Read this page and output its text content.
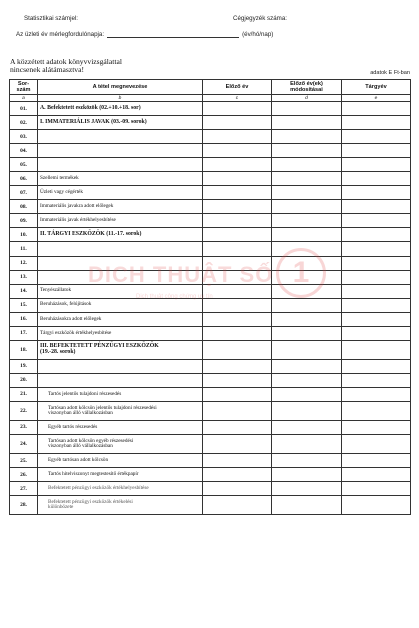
Statisztikai számjel:	Cégjegyzék száma:
Az üzleti év mérlegfordulónapja:	(év/hó/nap)
A közzétett adatok könyvvizsgálattal
nincsenek alátámasztva!	adatok E Ft-ban
Sor-
szám	A tétel megnevezése	Előző év	Előző év(ek)
módosításai	Tárgyév
a	b	c	d	e
01.	A. Befektetett eszközök (02.+10.+18. sor)			
02.	I. IMMATERIÁLIS JAVAK (03.-09. sorok)			
03.				
04.				
05.				
06.	Szellemi termékek			
07.	Üzleti vagy cégérték			
08.	Immateriális javakra adott előlegek			
09.	Immateriális javak értékhelyesbítése			
10.	II. TÁRGYI ESZKÖZÖK (11.-17. sorok)			
11.				
12.				
13.				
14.	Tenyészállatok			
15.	Beruházások, felújítások			
16.	Beruházásokra adott előlegek			
17.	Tárgyi eszközök értékhelyesbítése			
18.	III. BEFEKTETETT PÉNZÜGYI ESZKÖZÖK
(19.-28. sorok)			
19.				
20.				
21.	Tartós jelentős tulajdoni részesedés			
22.	Tartósan adott kölcsön jelentős tulajdoni részesedési
viszonyban álló vállalkozásban			
23.	Egyéb tartós részesedés			
24.	Tartósan adott kölcsön egyéb részesedési
viszonyban álló vállalkozásban			
25.	Egyéb tartósan adott kölcsön			
26.	Tartós hitelviszonyt megtestesítő értékpapír			
27.	Befektetett pénzügyi eszközök értékhelyesbítése			
28.	Befektetett pénzügyi eszközök értékelési
különbözete			
DICH THUẬT SỐ
Dịch thuật công chứng uy tín
1
